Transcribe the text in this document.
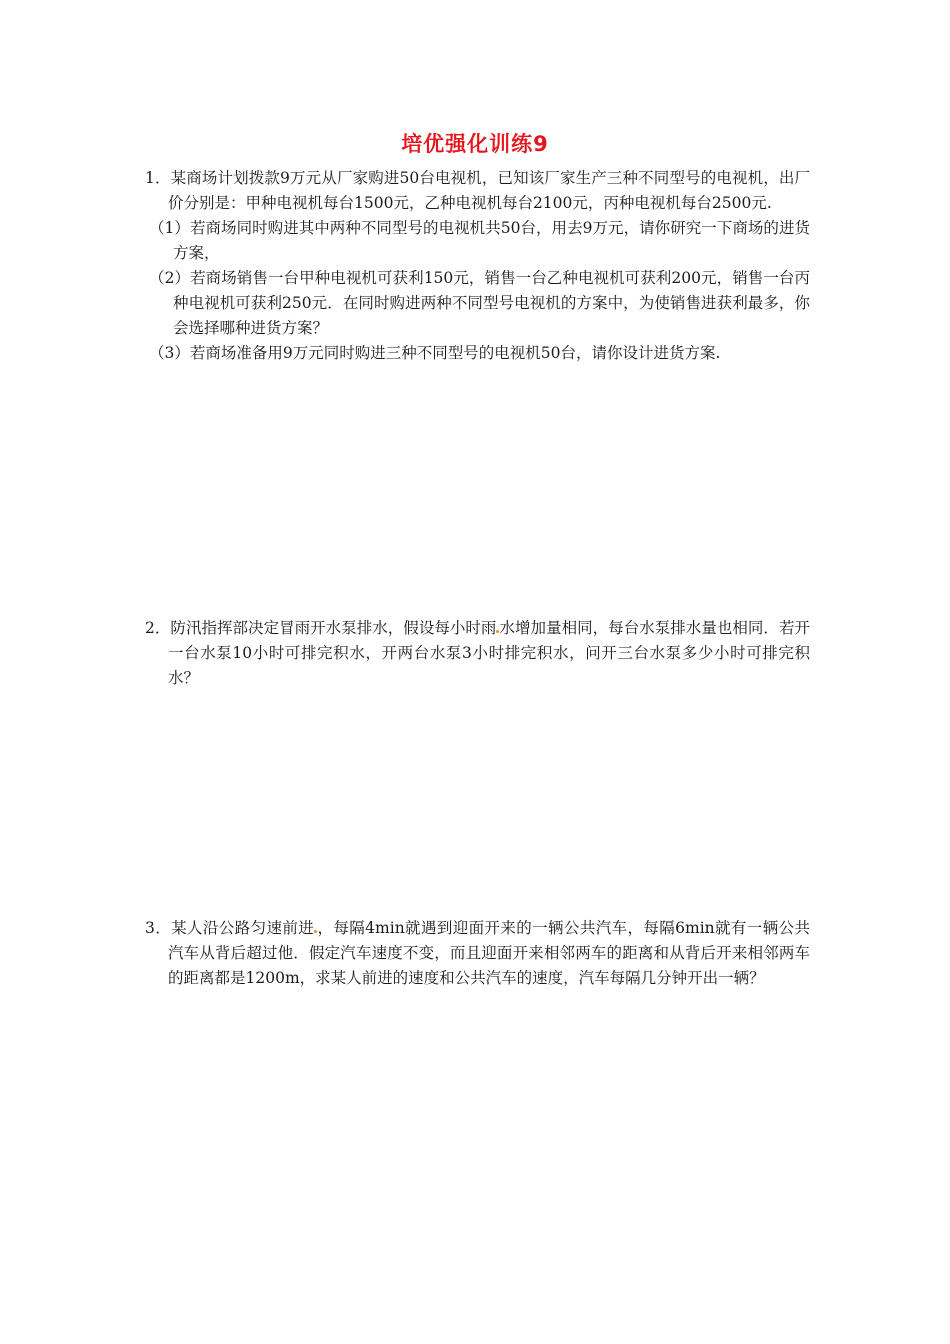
培优强化训练9
1．某商场计划拨款9万元从厂家购进50台电视机，已知该厂家生产三种不同型号的电视机，出厂价分别是：甲种电视机每台1500元，乙种电视机每台2100元，丙种电视机每台2500元.
（1）若商场同时购进其中两种不同型号的电视机共50台，用去9万元，请你研究一下商场的进货方案，
（2）若商场销售一台甲种电视机可获利150元，销售一台乙种电视机可获利200元，销售一台丙种电视机可获利250元．在同时购进两种不同型号电视机的方案中，为使销售进获利最多，你会选择哪种进货方案？
（3）若商场准备用9万元同时购进三种不同型号的电视机50台，请你设计进货方案.
2．防汛指挥部决定冒雨开水泵排水，假设每小时雨 水增加量相同，每台水泵排水量也相同．若开一台水泵10小时可排完积水，开两台水泵3小时排完积水，问开三台水泵多少小时可排完积水？
3．某人沿公路匀速前进 ，每隔4min就遇到迎面开来的一辆公共汽车，每隔6min就有一辆公共汽车从背后超过他．假定汽车速度不变，而且迎面开来相邻两车的距离和从背后开来相邻两车的距离都是1200m，求某人前进的速度和公共汽车的速度，汽车每隔几分钟开出一辆？
